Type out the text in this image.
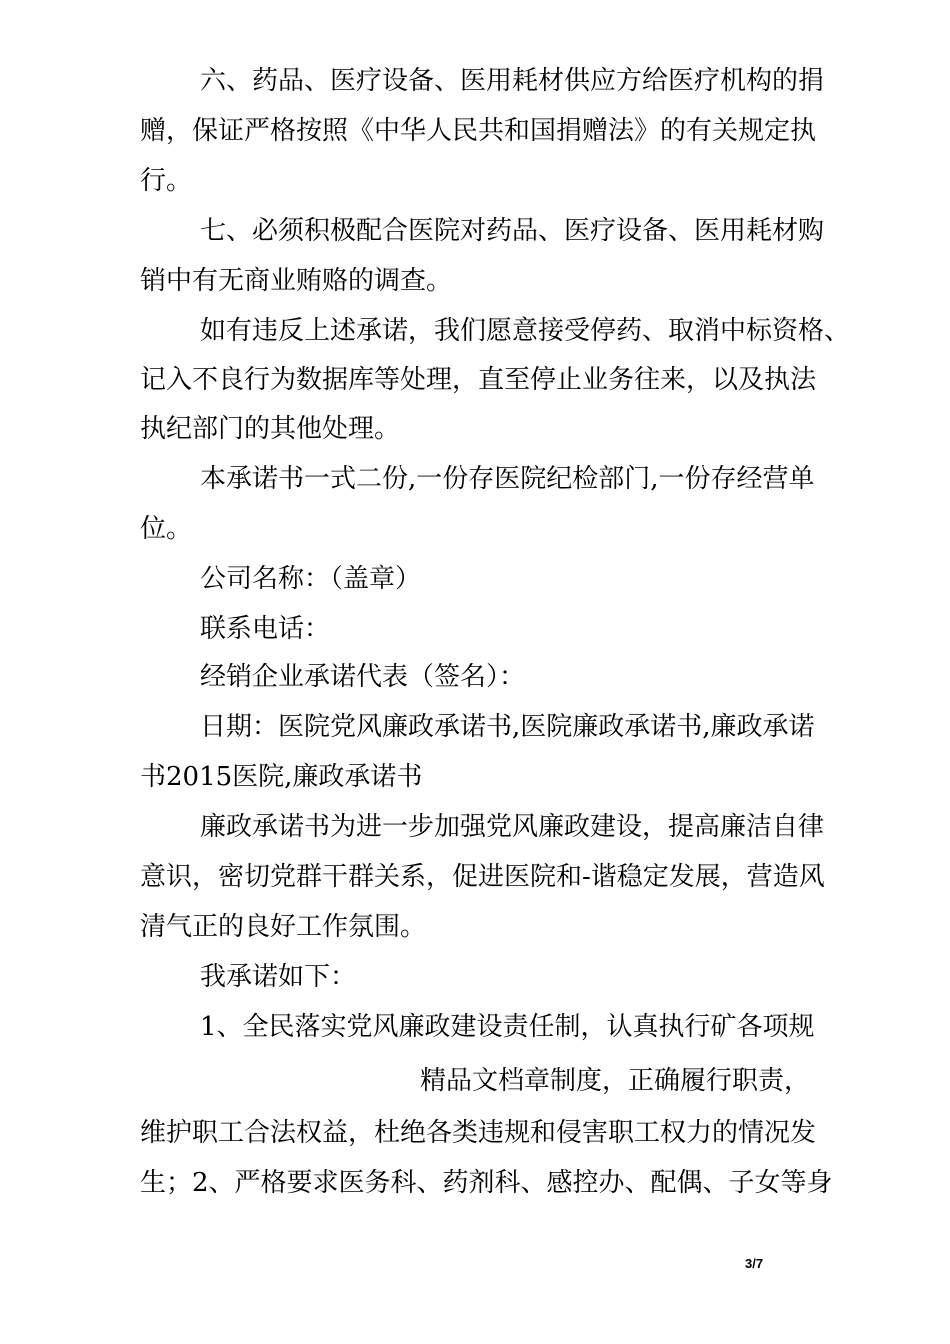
六、药品、医疗设备、医用耗材供应方给医疗机构的捐

赠，保证严格按照《中华人民共和国捐赠法》的有关规定执

行。

七、必须积极配合医院对药品、医疗设备、医用耗材购

销中有无商业贿赂的调查。

如有违反上述承诺，我们愿意接受停药、取消中标资格、

记入不良行为数据库等处理，直至停止业务往来，以及执法

执纪部门的其他处理。

本承诺书一式二份,一份存医院纪检部门,一份存经营单

位。

公司名称：（盖章）

联系电话：

经销企业承诺代表（签名）：

日期：医院党风廉政承诺书,医院廉政承诺书,廉政承诺

书2015医院,廉政承诺书

廉政承诺书为进一步加强党风廉政建设，提高廉洁自律

意识，密切党群干群关系，促进医院和-谐稳定发展，营造风

清气正的良好工作氛围。

我承诺如下：

1、全民落实党风廉政建设责任制，认真执行矿各项规

精品文档章制度，正确履行职责，

维护职工合法权益，杜绝各类违规和侵害职工权力的情况发

生；2、严格要求医务科、药剂科、感控办、配偶、子女等身

3/7
